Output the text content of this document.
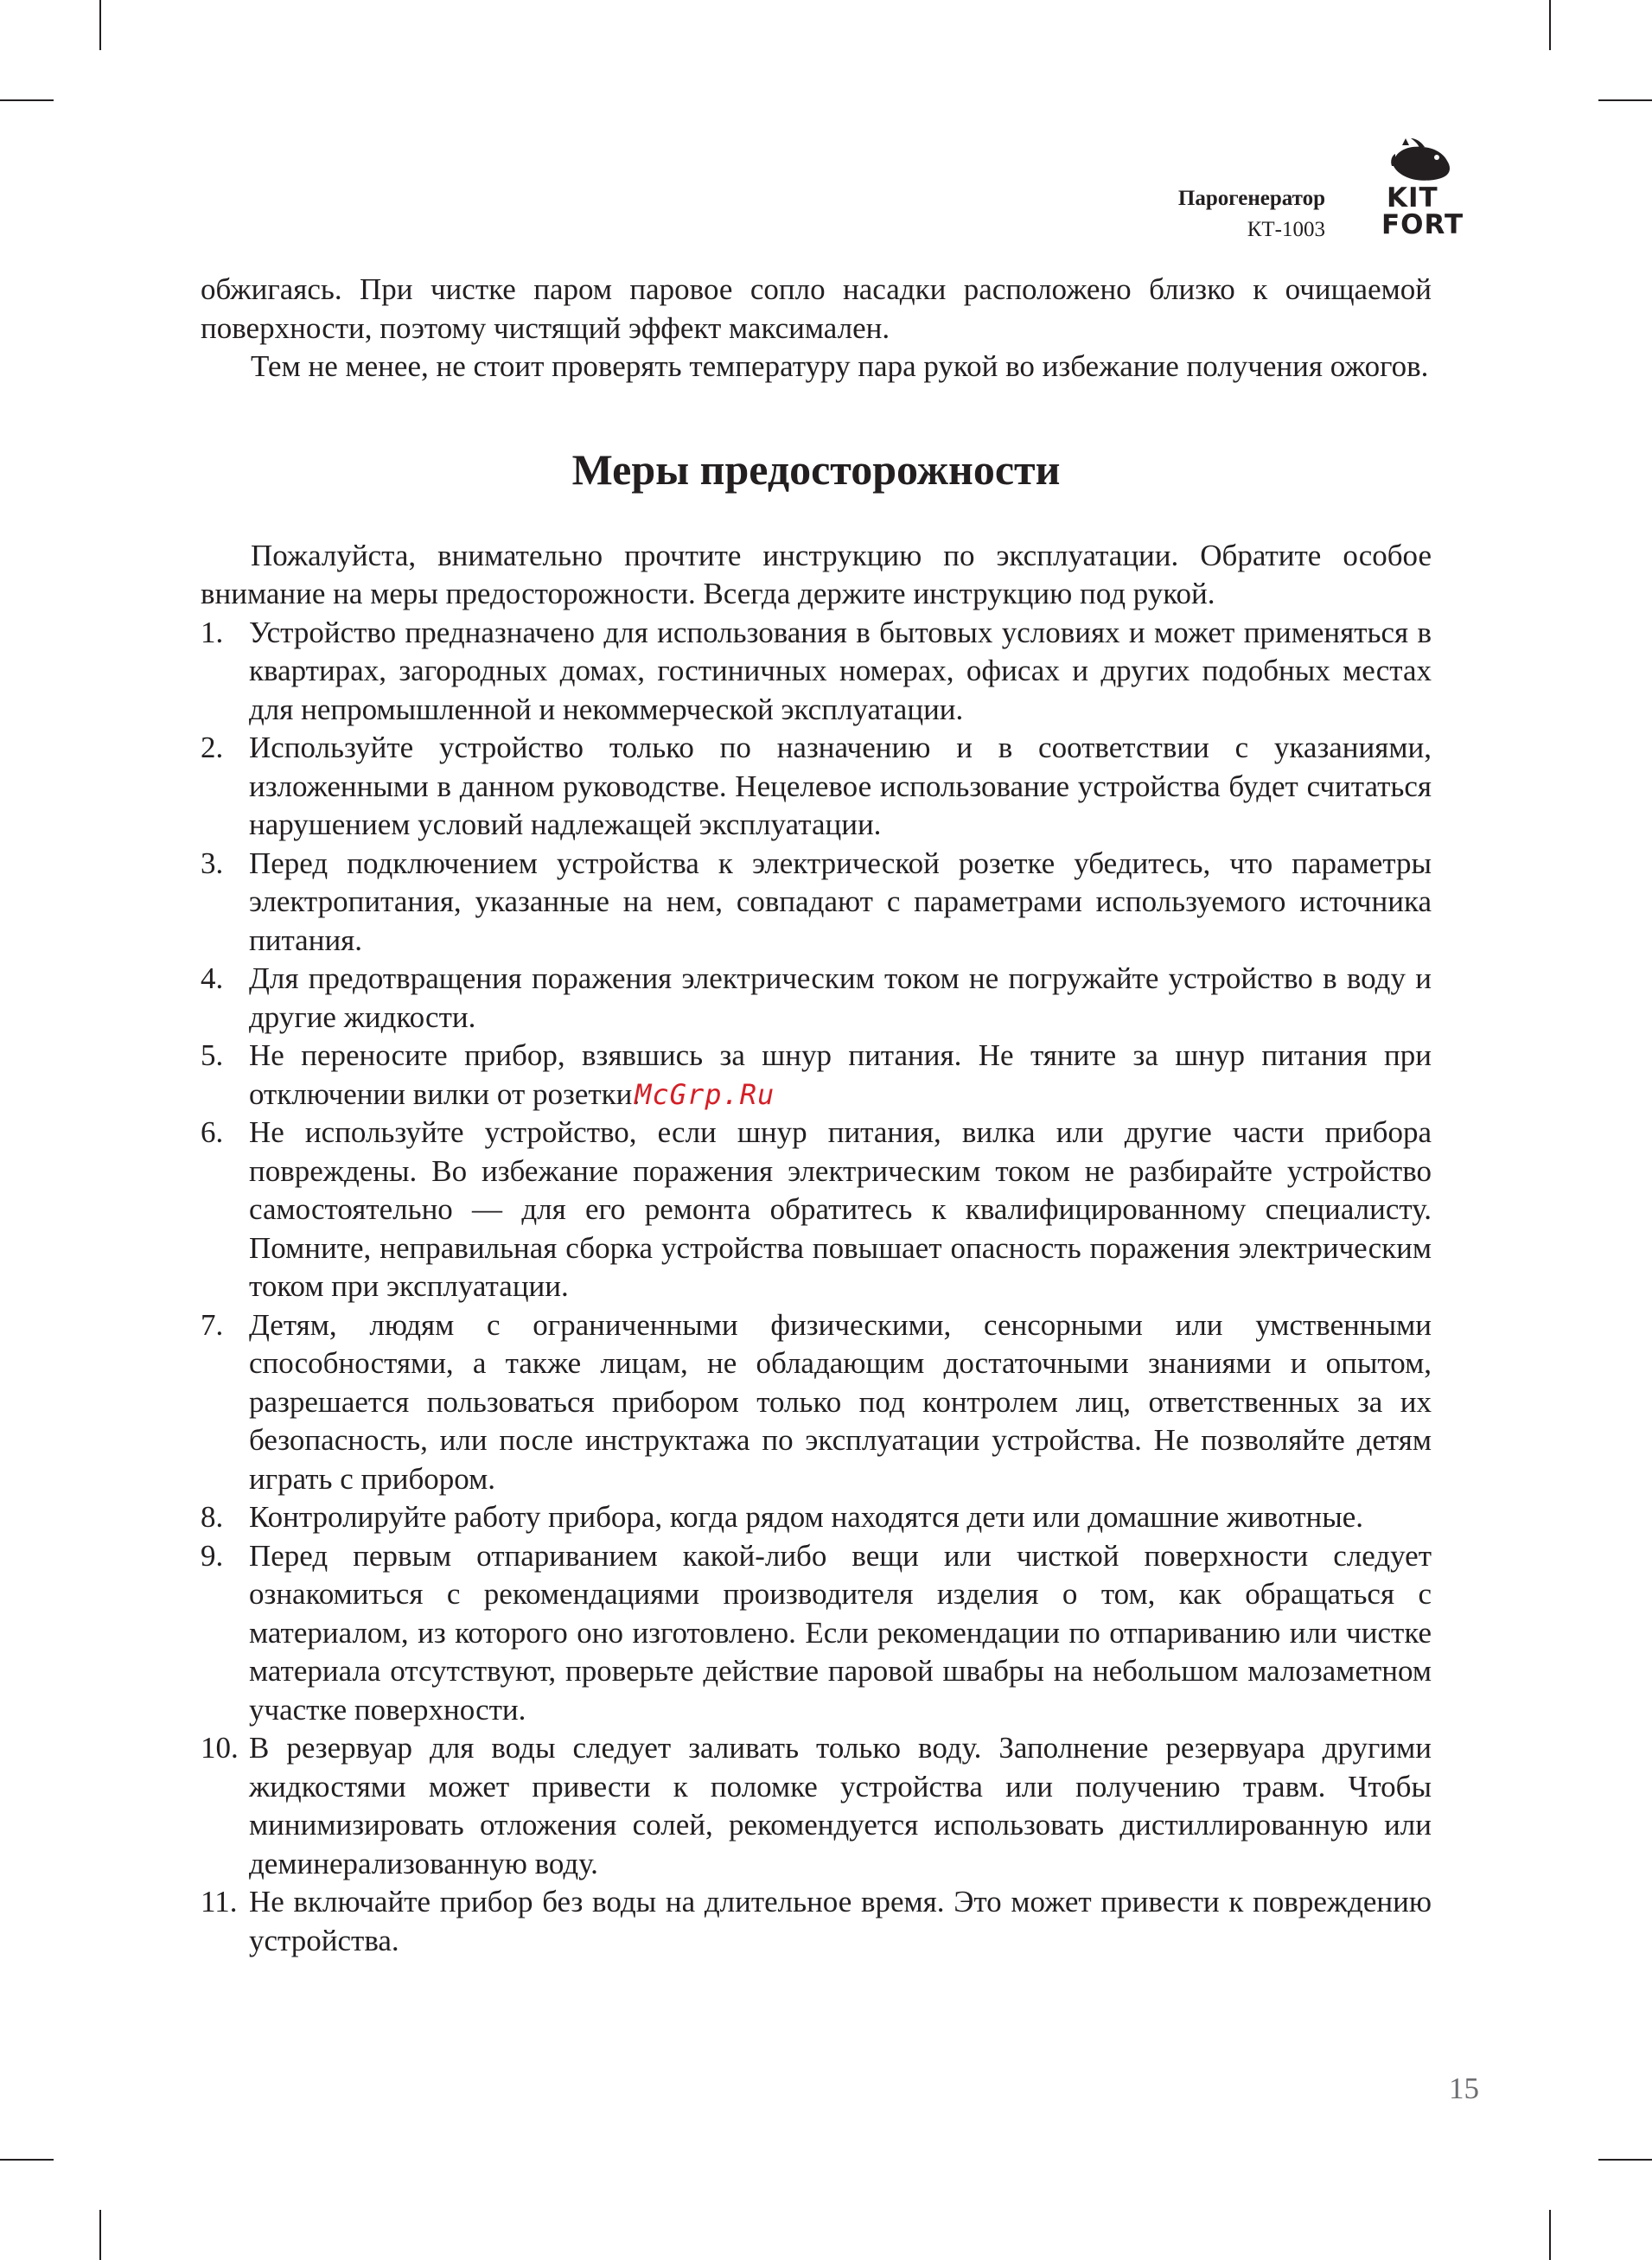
Парогенератор
КТ-1003
KIT
FORT

обжигаясь. При чистке паром паровое сопло насадки расположено близко к очищаемой поверхности, поэтому чистящий эффект максимален.

Тем не менее, не стоит проверять температуру пара рукой во избежание получения ожогов.

Меры предосторожности

Пожалуйста, внимательно прочтите инструкцию по эксплуатации. Обратите особое внимание на меры предосторожности. Всегда держите инструкцию под рукой.

1. Устройство предназначено для использования в бытовых условиях и может применяться в квартирах, загородных домах, гостиничных номерах, офисах и других подобных местах для непромышленной и некоммерческой эксплуатации.
2. Используйте устройство только по назначению и в соответствии с указаниями, изложенными в данном руководстве. Нецелевое использование устройства будет считаться нарушением условий надлежащей эксплуатации.
3. Перед подключением устройства к электрической розетке убедитесь, что параметры электропитания, указанные на нем, совпадают с параметрами используемого источника питания.
4. Для предотвращения поражения электрическим током не погружайте устройство в воду и другие жидкости.
5. Не переносите прибор, взявшись за шнур питания. Не тяните за шнур питания при отключении вилки от розетки.McGrp.Ru
6. Не используйте устройство, если шнур питания, вилка или другие части прибора повреждены. Во избежание поражения электрическим током не разбирайте устройство самостоятельно — для его ремонта обратитесь к квалифицированному специалисту. Помните, неправильная сборка устройства повышает опасность поражения электрическим током при эксплуатации.
7. Детям, людям с ограниченными физическими, сенсорными или умственными способностями, а также лицам, не обладающим достаточными знаниями и опытом, разрешается пользоваться прибором только под контролем лиц, ответственных за их безопасность, или после инструктажа по эксплуатации устройства. Не позволяйте детям играть с прибором.
8. Контролируйте работу прибора, когда рядом находятся дети или домашние животные.
9. Перед первым отпариванием какой-либо вещи или чисткой поверхности следует ознакомиться с рекомендациями производителя изделия о том, как обращаться с материалом, из которого оно изготовлено. Если рекомендации по отпариванию или чистке материала отсутствуют, проверьте действие паровой швабры на небольшом малозаметном участке поверхности.
10. В резервуар для воды следует заливать только воду. Заполнение резервуара другими жидкостями может привести к поломке устройства или получению травм. Чтобы минимизировать отложения солей, рекомендуется использовать дистиллированную или деминерализованную воду.
11. Не включайте прибор без воды на длительное время. Это может привести к повреждению устройства.
15
